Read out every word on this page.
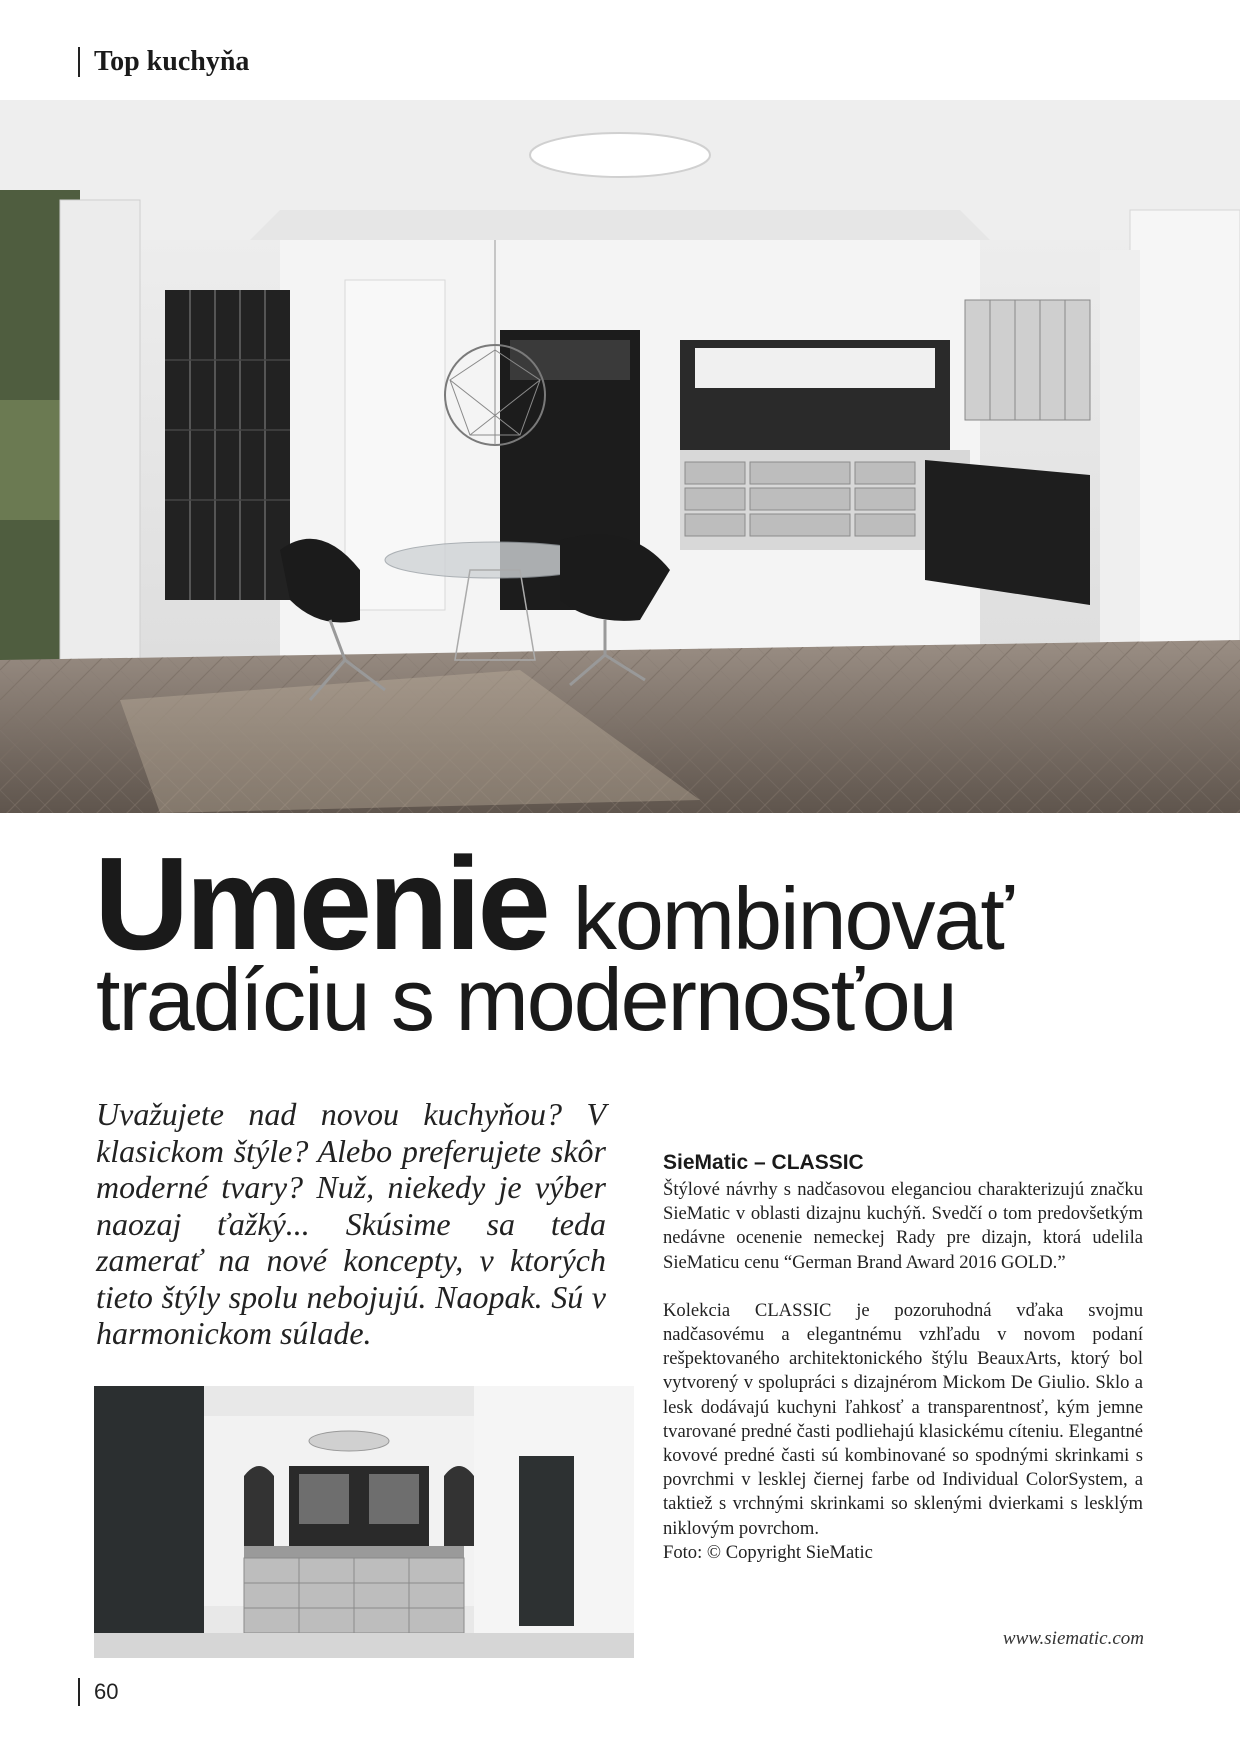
Top kuchyňa
Umenie kombinovať
tradíciu s modernosťou
Uvažujete nad novou kuchyňou? V klasickom štýle? Alebo preferujete skôr moderné tvary? Nuž, niekedy je výber naozaj ťažký... Skúsime sa teda zamerať na nové koncepty, v ktorých tieto štýly spolu nebojujú. Naopak. Sú v harmonickom súlade.
SieMatic – CLASSIC

Štýlové návrhy s nadčasovou eleganciou charakterizujú značku SieMatic v oblasti dizajnu kuchýň. Svedčí o tom predovšetkým nedávne ocenenie nemeckej Rady pre dizajn, ktorá udelila SieMaticu cenu “German Brand Award 2016 GOLD.”

Kolekcia CLASSIC je pozoruhodná vďaka svojmu nadčasovému a elegantnému vzhľadu v novom podaní rešpektovaného architektonického štýlu BeauxArts, ktorý bol vytvorený v spolupráci s dizajnérom Mickom De Giulio. Sklo a lesk dodávajú kuchyni ľahkosť a transparentnosť, kým jemne tvarované predné časti podliehajú klasickému cíteniu. Elegantné kovové predné časti sú kombinované so spodnými skrinkami s povrchmi v lesklej čiernej farbe od Individual ColorSystem, a taktiež s vrchnými skrinkami so sklenými dvierkami s lesklým niklovým povrchom.

Foto: © Copyright SieMatic

www.siematic.com
60
